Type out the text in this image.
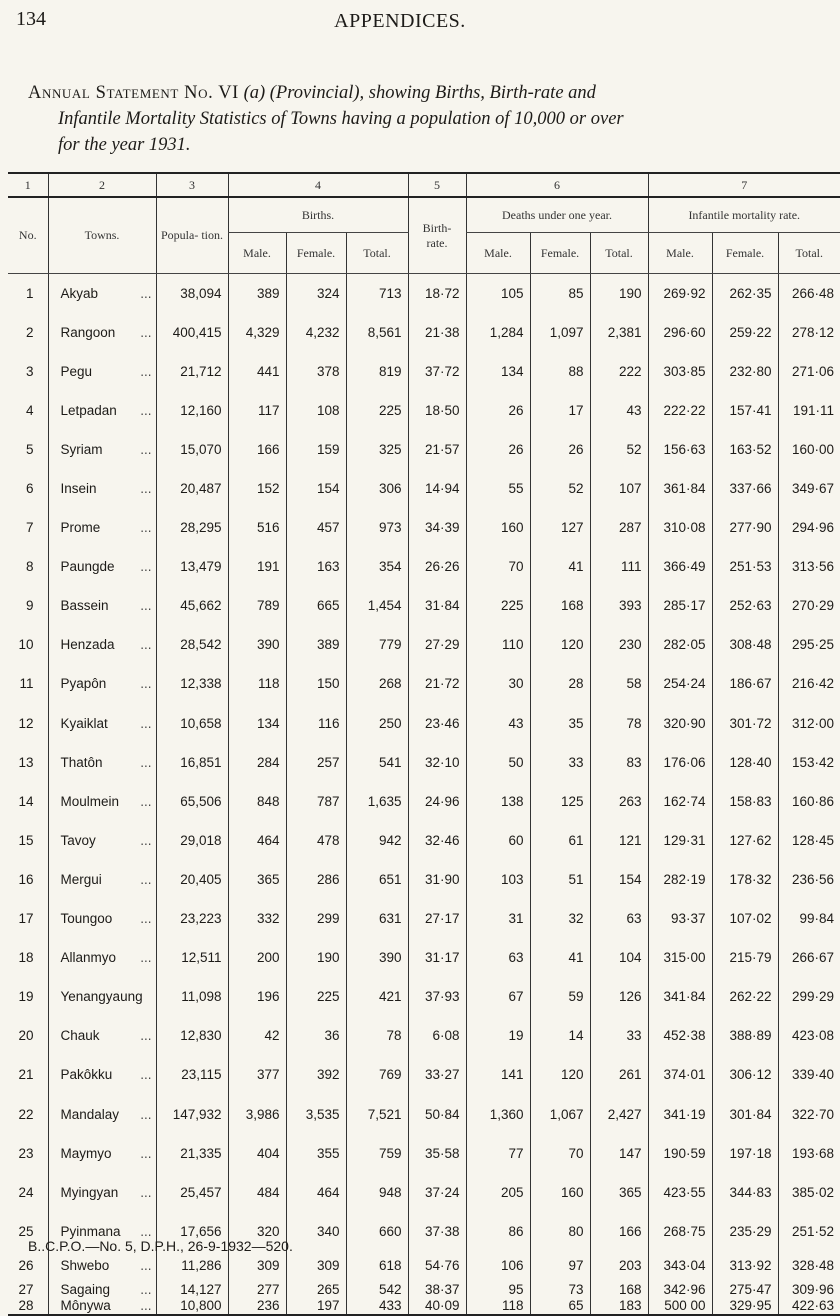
134	APPENDICES.
Annual Statement No. VI (a) (Provincial), showing Births, Birth-rate and
Infantile Mortality Statistics of Towns having a population of 10,000 or over
for the year 1931.
1	2	3	4			5	6			7		
No.	Towns.	Popula- tion.	Births.			Birth- rate.	Deaths under one year.			Infantile mortality rate.		
			Male.	Female.	Total.		Male.	Female.	Total.	Male.	Female.	Total.
1	Akyab ...	38,094	389	324	713	18·72	105	85	190	269·92	262·35	266·48
2	Rangoon ...	400,415	4,329	4,232	8,561	21·38	1,284	1,097	2,381	296·60	259·22	278·12
3	Pegu ...	21,712	441	378	819	37·72	134	88	222	303·85	232·80	271·06
4	Letpadan ...	12,160	117	108	225	18·50	26	17	43	222·22	157·41	191·11
5	Syriam ...	15,070	166	159	325	21·57	26	26	52	156·63	163·52	160·00
6	Insein ...	20,487	152	154	306	14·94	55	52	107	361·84	337·66	349·67
7	Prome ...	28,295	516	457	973	34·39	160	127	287	310·08	277·90	294·96
8	Paungde ...	13,479	191	163	354	26·26	70	41	111	366·49	251·53	313·56
9	Bassein ...	45,662	789	665	1,454	31·84	225	168	393	285·17	252·63	270·29
10	Henzada ...	28,542	390	389	779	27·29	110	120	230	282·05	308·48	295·25
11	Pyapôn ...	12,338	118	150	268	21·72	30	28	58	254·24	186·67	216·42
12	Kyaiklat ...	10,658	134	116	250	23·46	43	35	78	320·90	301·72	312·00
13	Thatôn ...	16,851	284	257	541	32·10	50	33	83	176·06	128·40	153·42
14	Moulmein ...	65,506	848	787	1,635	24·96	138	125	263	162·74	158·83	160·86
15	Tavoy ...	29,018	464	478	942	32·46	60	61	121	129·31	127·62	128·45
16	Mergui ...	20,405	365	286	651	31·90	103	51	154	282·19	178·32	236·56
17	Toungoo ...	23,223	332	299	631	27·17	31	32	63	93·37	107·02	99·84
18	Allanmyo ...	12,511	200	190	390	31·17	63	41	104	315·00	215·79	266·67
19	Yenangyaung	11,098	196	225	421	37·93	67	59	126	341·84	262·22	299·29
20	Chauk ...	12,830	42	36	78	6·08	19	14	33	452·38	388·89	423·08
21	Pakôkku ...	23,115	377	392	769	33·27	141	120	261	374·01	306·12	339·40
22	Mandalay ...	147,932	3,986	3,535	7,521	50·84	1,360	1,067	2,427	341·19	301·84	322·70
23	Maymyo ...	21,335	404	355	759	35·58	77	70	147	190·59	197·18	193·68
24	Myingyan ...	25,457	484	464	948	37·24	205	160	365	423·55	344·83	385·02
25	Pyinmana ...	17,656	320	340	660	37·38	86	80	166	268·75	235·29	251·52
26	Shwebo ...	11,286	309	309	618	54·76	106	97	203	343·04	313·92	328·48
27	Sagaing ...	14,127	277	265	542	38·37	95	73	168	342·96	275·47	309·96
28	Mônywa ...	10,800	236	197	433	40·09	118	65	183	500 00	329·95	422·63
B..C.P.O.—No. 5, D.P.H., 26-9-1932—520.
